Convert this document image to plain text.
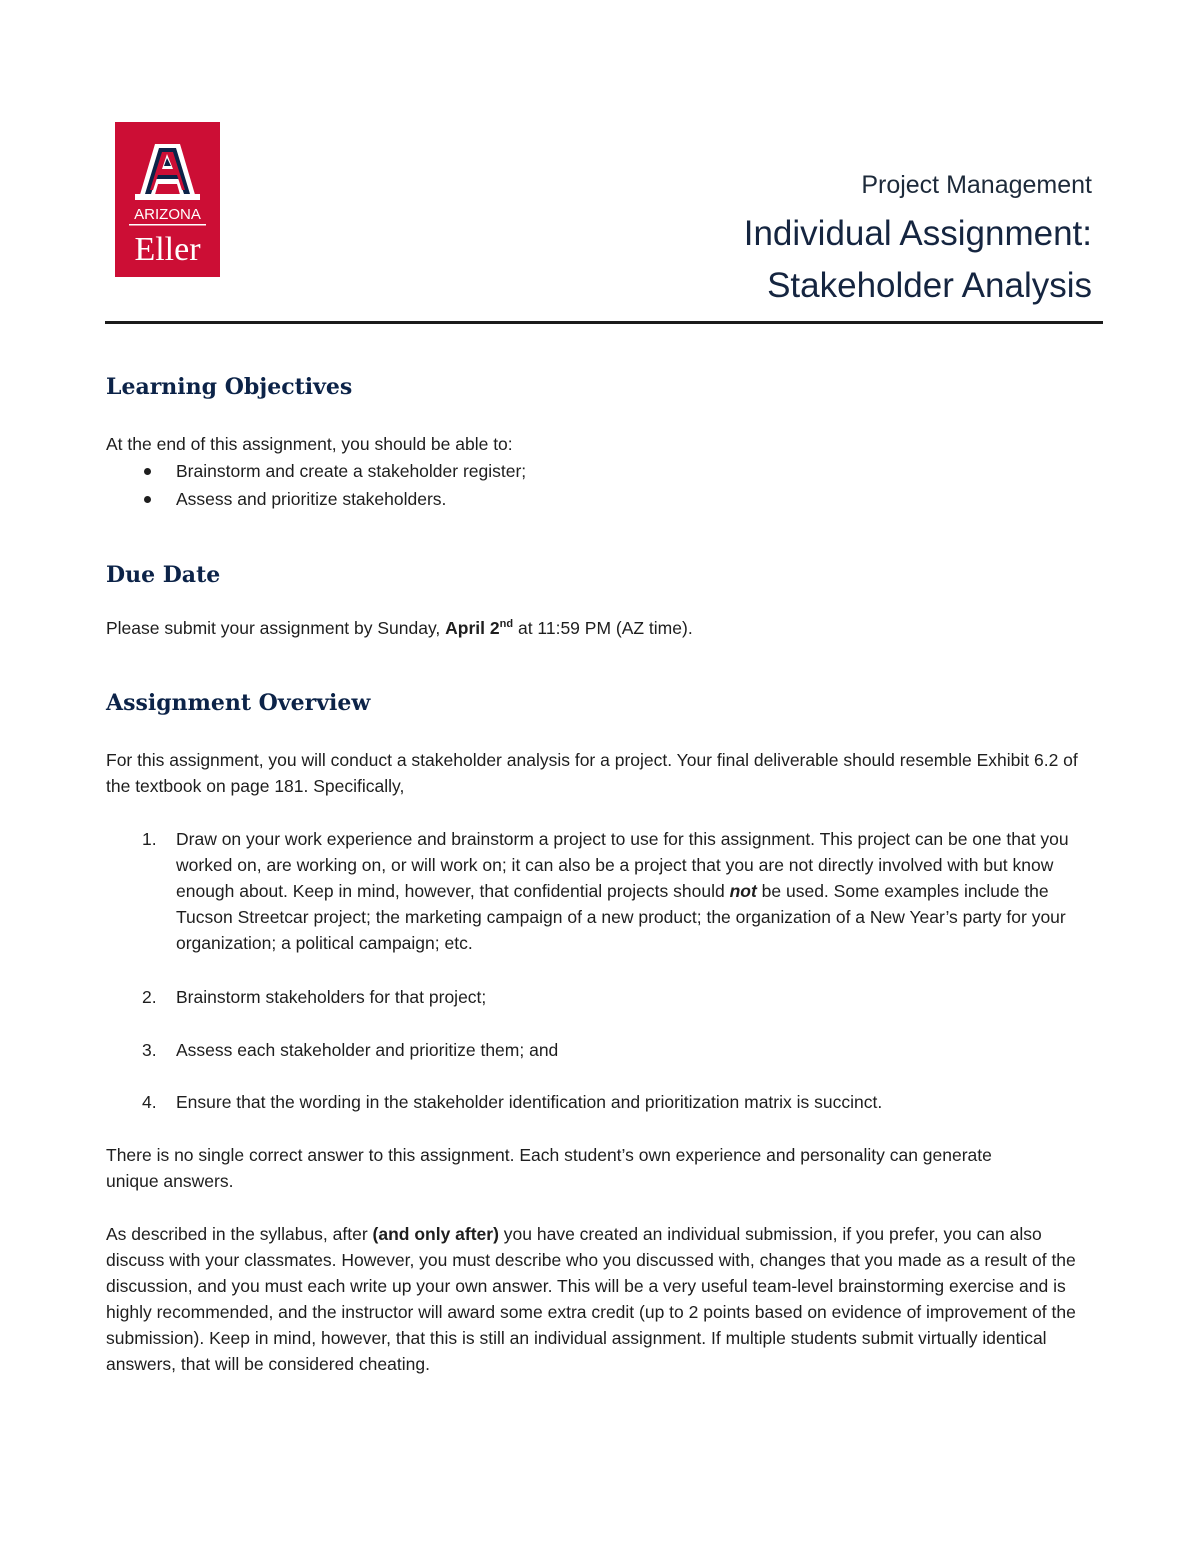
ARIZONA
Eller
Project Management
Individual Assignment:
Stakeholder Analysis
Learning Objectives

At the end of this assignment, you should be able to:

Brainstorm and create a stakeholder register;
Assess and prioritize stakeholders.
Due Date

Please submit your assignment by Sunday, April 2nd at 11:59 PM (AZ time).

Assignment Overview

For this assignment, you will conduct a stakeholder analysis for a project. Your final deliverable should resemble Exhibit 6.2 of the textbook on page 181. Specifically,

1. Draw on your work experience and brainstorm a project to use for this assignment. This project can be one that you worked on, are working on, or will work on; it can also be a project that you are not directly involved with but know enough about. Keep in mind, however, that confidential projects should not be used. Some examples include the Tucson Streetcar project; the marketing campaign of a new product; the organization of a New Year’s party for your organization; a political campaign; etc.
2. Brainstorm stakeholders for that project;
3. Assess each stakeholder and prioritize them; and
4. Ensure that the wording in the stakeholder identification and prioritization matrix is succinct.

There is no single correct answer to this assignment. Each student’s own experience and personality can generate unique answers.

As described in the syllabus, after (and only after) you have created an individual submission, if you prefer, you can also discuss with your classmates. However, you must describe who you discussed with, changes that you made as a result of the discussion, and you must each write up your own answer. This will be a very useful team-level brainstorming exercise and is highly recommended, and the instructor will award some extra credit (up to 2 points based on evidence of improvement of the submission). Keep in mind, however, that this is still an individual assignment. If multiple students submit virtually identical answers, that will be considered cheating.
